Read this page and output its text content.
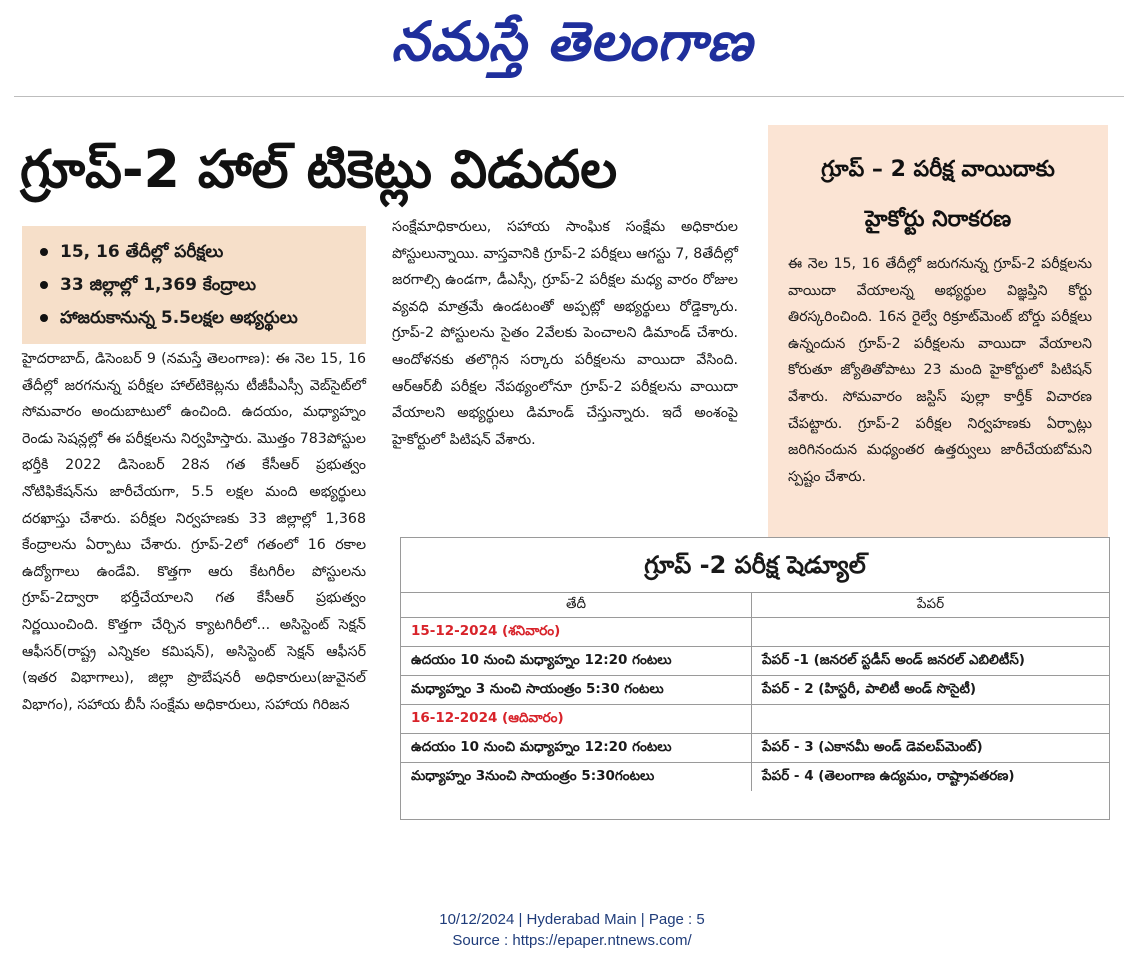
నమస్తే తెలంగాణ
గ్రూప్-2 హాల్ టికెట్లు విడుదల
15, 16 తేదీల్లో పరీక్షలు
33 జిల్లాల్లో 1,369 కేంద్రాలు
హాజరుకానున్న 5.5లక్షల అభ్యర్థులు

హైదరాబాద్, డిసెంబర్ 9 (నమస్తే తెలంగాణ): ఈ నెల 15, 16 తేదీల్లో జరగనున్న పరీక్షల హాల్‌టికెట్లను టీజీపీఎస్సీ వెబ్‌సైట్‌లో సోమవారం అందుబాటులో ఉంచింది. ఉదయం, మధ్యాహ్నం రెండు సెషన్లల్లో ఈ పరీక్షలను నిర్వహిస్తారు. మొత్తం 783పోస్టుల భర్తీకి 2022 డిసెంబర్ 28న గత కేసీఆర్ ప్రభుత్వం నోటిఫికేషన్‌ను జారీచేయగా, 5.5 లక్షల మంది అభ్యర్థులు దరఖాస్తు చేశారు. పరీక్షల నిర్వహణకు 33 జిల్లాల్లో 1,368 కేంద్రాలను ఏర్పాటు చేశారు. గ్రూప్-2లో గతంలో 16 రకాల ఉద్యోగాలు ఉండేవి. కొత్తగా ఆరు కేటగిరీల పోస్టులను గ్రూప్-2ద్వారా భర్తీచేయాలని గత కేసీఆర్ ప్రభుత్వం నిర్ణయించింది. కొత్తగా చేర్చిన క్యాటగిరీలో... అసిస్టెంట్ సెక్షన్ ఆఫీసర్(రాష్ట్ర ఎన్నికల కమిషన్), అసిస్టెంట్ సెక్షన్ ఆఫీసర్ (ఇతర విభాగాలు), జిల్లా ప్రొబేషనరీ అధికారులు(జువైనల్ విభాగం), సహాయ బీసీ సంక్షేమ అధికారులు, సహాయ గిరిజన

సంక్షేమాధికారులు, సహాయ సాంఘిక సంక్షేమ అధికారుల పోస్టులున్నాయి. వాస్తవానికి గ్రూప్-2 పరీక్షలు ఆగస్టు 7, 8తేదీల్లో జరగాల్సి ఉండగా, డీఎస్సీ, గ్రూప్-2 పరీక్షల మధ్య వారం రోజుల వ్యవధి మాత్రమే ఉండటంతో అప్పట్లో అభ్యర్థులు రోడ్డెక్కారు. గ్రూప్-2 పోస్టులను సైతం 2వేలకు పెంచాలని డిమాండ్ చేశారు. ఆందోళనకు తలొగ్గిన సర్కారు పరీక్షలను వాయిదా వేసింది. ఆర్ఆర్‌బీ పరీక్షల నేపథ్యంలోనూ గ్రూప్-2 పరీక్షలను వాయిదా వేయాలని అభ్యర్థులు డిమాండ్ చేస్తున్నారు. ఇదే అంశంపై హైకోర్టులో పిటిషన్ వేశారు.

గ్రూప్ – 2 పరీక్ష వాయిదాకు
హైకోర్టు నిరాకరణ
ఈ నెల 15, 16 తేదీల్లో జరుగనున్న గ్రూప్-2 పరీక్షలను వాయిదా వేయాలన్న అభ్యర్థుల విజ్ఞప్తిని కోర్టు తిరస్కరించింది. 16న రైల్వే రిక్రూట్‌మెంట్ బోర్డు పరీక్షలు ఉన్నందున గ్రూప్-2 పరీక్షలను వాయిదా వేయాలని కోరుతూ జ్యోతితోపాటు 23 మంది హైకోర్టులో పిటిషన్ వేశారు. సోమవారం జస్టిస్ పుల్లా కార్తీక్ విచారణ చేపట్టారు. గ్రూప్-2 పరీక్షల నిర్వహణకు ఏర్పాట్లు జరిగినందున మధ్యంతర ఉత్తర్వులు జారీచేయబోమని స్పష్టం చేశారు.
గ్రూప్ -2 పరీక్ష షెడ్యూల్
తేదీ	పేపర్
15-12-2024 (శనివారం)	
ఉదయం 10 నుంచి మధ్యాహ్నం 12:20 గంటలు	పేపర్ -1 (జనరల్ స్టడీస్ అండ్ జనరల్ ఎబిలిటీస్)
మధ్యాహ్నం 3 నుంచి సాయంత్రం 5:30 గంటలు	పేపర్ - 2 (హిస్టరీ, పాలిటీ అండ్ సొసైటీ)
16-12-2024 (ఆదివారం)	
ఉదయం 10 నుంచి మధ్యాహ్నం 12:20 గంటలు	పేపర్ - 3 (ఎకానమీ అండ్ డెవలప్‌మెంట్)
మధ్యాహ్నం 3నుంచి సాయంత్రం 5:30గంటలు	పేపర్ - 4 (తెలంగాణ ఉద్యమం, రాష్ట్రావతరణ)
10/12/2024 | Hyderabad Main | Page : 5
Source : https://epaper.ntnews.com/
